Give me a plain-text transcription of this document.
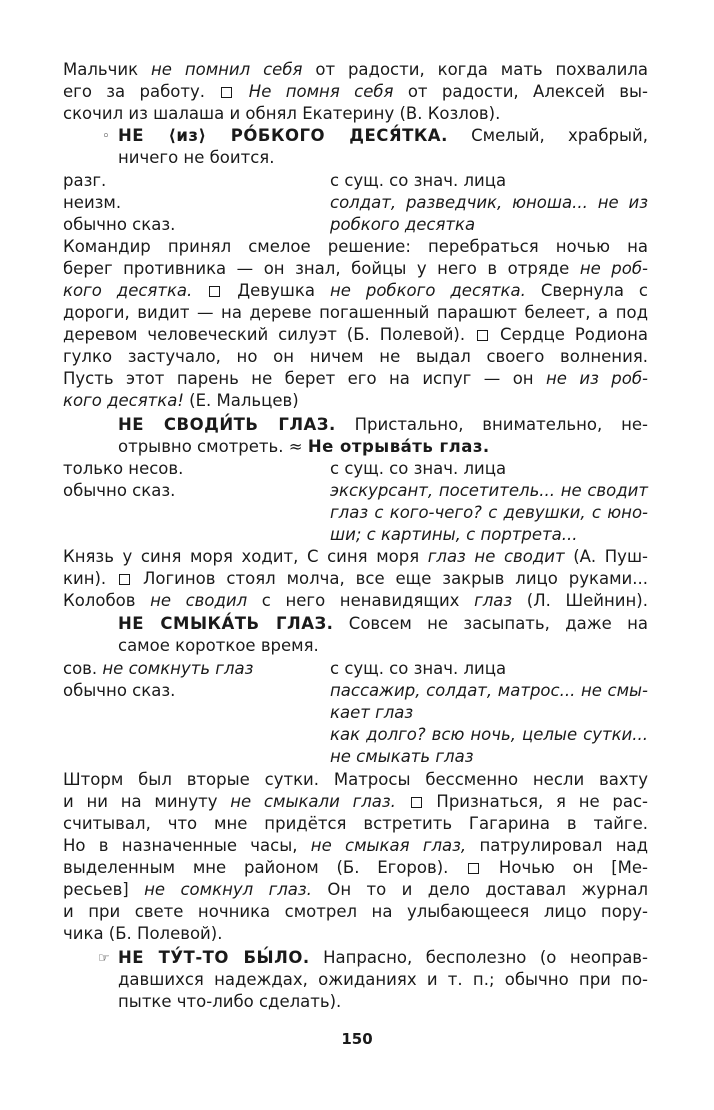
Мальчик не помнил себя от радости, когда мать похвалила
его за работу.  Не помня себя от радости, Алексей вы-
скочил из шалаша и обнял Екатерину (В. Козлов).
◦ НЕ ⟨из⟩ РО́БКОГО ДЕСЯ́ТКА. Смелый, храбрый,
ничего не боится.
разг.	с сущ. со знач. лица
неизм.	солдат, разведчик, юноша... не из
обычно сказ.	робкого десятка
Командир принял смелое решение: перебраться ночью на
берег противника — он знал, бойцы у него в отряде не роб-
кого десятка.  Девушка не робкого десятка. Свернула с
дороги, видит — на дереве погашенный парашют белеет, а под
деревом человеческий силуэт (Б. Полевой).  Сердце Родиона
гулко застучало, но он ничем не выдал своего волнения.
Пусть этот парень не берет его на испуг — он не из роб-
кого десятка! (Е. Мальцев)
НЕ СВОДИ́ТЬ ГЛАЗ. Пристально, внимательно, не-
отрывно смотреть. ≈ Не отрыва́ть глаз.
только несов.	с сущ. со знач. лица
обычно сказ.	экскурсант, посетитель... не сводит
глаз с кого-чего? с девушки, с юно-
ши; с картины, с портрета...
Князь у синя моря ходит, С синя моря глаз не сводит (А. Пуш-
кин).  Логинов стоял молча, все еще закрыв лицо руками...
Колобов не сводил с него ненавидящих глаз (Л. Шейнин).
НЕ СМЫКА́ТЬ ГЛАЗ. Совсем не засыпать, даже на
самое короткое время.
сов. не сомкнуть глаз	с сущ. со знач. лица
обычно сказ.	пассажир, солдат, матрос... не смы-
кает глаз
как долго? всю ночь, целые сутки...
не смыкать глаз
Шторм был вторые сутки. Матросы бессменно несли вахту
и ни на минуту не смыкали глаз.  Признаться, я не рас-
считывал, что мне придётся встретить Гагарина в тайге.
Но в назначенные часы, не смыкая глаз, патрулировал над
выделенным мне районом (Б. Егоров).  Ночью он [Ме-
ресьев] не сомкнул глаз. Он то и дело доставал журнал
и при свете ночника смотрел на улыбающееся лицо пору-
чика (Б. Полевой).
☞ НЕ ТУ́Т-ТО БЫ́ЛО. Напрасно, бесполезно (о неоправ-
давшихся надеждах, ожиданиях и т. п.; обычно при по-
пытке что-либо сделать).
150
